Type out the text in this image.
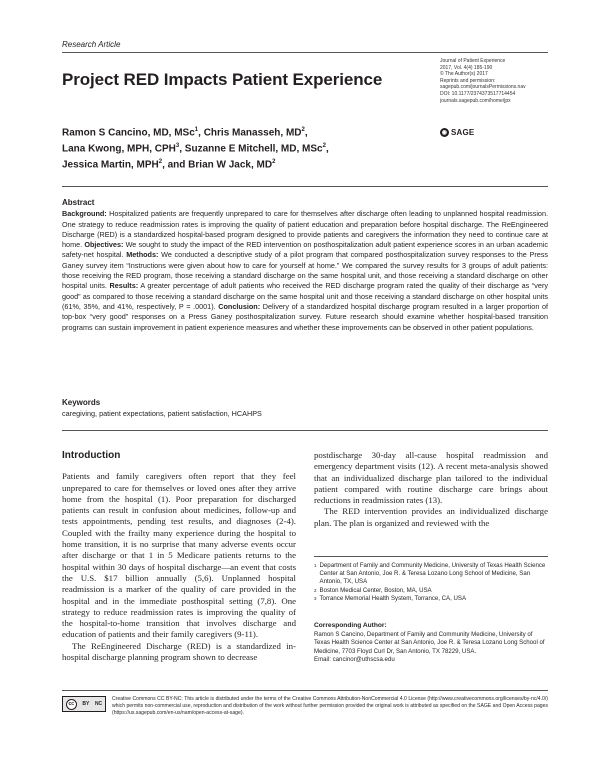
Research Article
Project RED Impacts Patient Experience
Journal of Patient Experience
2017, Vol. 4(4) 185-190
© The Author(s) 2017
Reprints and permission:
sagepub.com/journalsPermissions.nav
DOI: 10.1177/2374373517714454
journals.sagepub.com/home/jpx
◉ SAGE
Ramon S Cancino, MD, MSc$^1$, Chris Manasseh, $MD^2$,
Lana Kwong, MPH, CPH$^3$, Suzanne E Mitchell, MD, MSc$^2$,
Jessica Martin, MPH$^2$, and Brian W Jack, $MD^2$
Abstract
Background: Hospitalized patients are frequently unprepared to care for themselves after discharge often leading to unplanned hospital readmission. One strategy to reduce readmission rates is improving the quality of patient education and preparation before hospital discharge. The ReEngineered Discharge (RED) is a standardized hospital-based program designed to provide patients and caregivers the information they need to continue care at home. Objectives: We sought to study the impact of the RED intervention on posthospitalization adult patient experience scores in an urban academic safety-net hospital. Methods: We conducted a descriptive study of a pilot program that compared posthospitalization survey responses to the Press Ganey survey item “Instructions were given about how to care for yourself at home.” We compared the survey results for 3 groups of adult patients: those receiving the RED program, those receiving a standard discharge on the same hospital unit, and those receiving a standard discharge on other hospital units. Results: A greater percentage of adult patients who received the RED discharge program rated the quality of their discharge as “very good” as compared to those receiving a standard discharge on the same hospital unit and those receiving a standard discharge on other hospital units (61%, 35%, and 41%, respectively, P = .0001). Conclusion: Delivery of a standardized hospital discharge program resulted in a larger proportion of top-box “very good” responses on a Press Ganey posthospitalization survey. Future research should examine whether hospital-based transition programs can sustain improvement in patient experience measures and whether these improvements can be observed in other patient populations.
Keywords
caregiving, patient expectations, patient satisfaction, HCAHPS
Introduction

Patients and family caregivers often report that they feel unprepared to care for themselves or loved ones after they arrive home from the hospital (1). Poor preparation for discharged patients can result in confusion about medicines, follow-up and tests appointments, pending test results, and diagnoses (2-4). Coupled with the frailty many experience during the hospital to home transition, it is no surprise that many adverse events occur after discharge or that 1 in 5 Medicare patients returns to the hospital within 30 days of hospital discharge—an event that costs the U.S. $17 billion annually (5,6). Unplanned hospital readmission is a marker of the quality of care provided in the hospital and in the immediate posthospital setting (7,8). One strategy to reduce readmission rates is improving the quality of the hospital-to-home transition that involves discharge and education of patients and their family caregivers (9-11).

The ReEngineered Discharge (RED) is a standardized in-hospital discharge planning program shown to decrease

postdischarge 30-day all-cause hospital readmission and emergency department visits (12). A recent meta-analysis showed that an individualized discharge plan tailored to the individual patient compared with routine discharge care brings about reductions in readmission rates (13).

The RED intervention provides an individualized discharge plan. The plan is organized and reviewed with the

1 Department of Family and Community Medicine, University of Texas Health Science Center at San Antonio, Joe R. & Teresa Lozano Long School of Medicine, San Antonio, TX, USA
2 Boston Medical Center, Boston, MA, USA
3 Torrance Memorial Health System, Torrance, CA, USA
Corresponding Author:
Ramon S Cancino, Department of Family and Community Medicine, University of Texas Health Science Center at San Antonio, Joe R. & Teresa Lozano Long School of Medicine, 7703 Floyd Curl Dr, San Antonio, TX 78229, USA.
Email: cancinor@uthscsa.edu
cc	BY NC
Creative Commons CC BY-NC: This article is distributed under the terms of the Creative Commons Attribution-NonCommercial 4.0 License (http://www.creativecommons.org/licenses/by-nc/4.0/) which permits non-commercial use, reproduction and distribution of the work without further permission provided the original work is attributed as specified on the SAGE and Open Access pages (https://us.sagepub.com/en-us/nam/open-access-at-sage).
